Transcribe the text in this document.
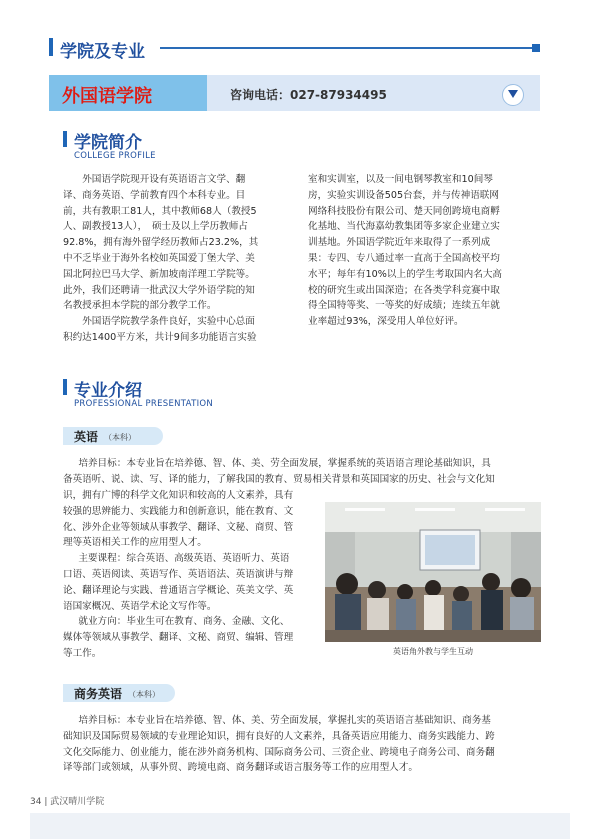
学院及专业
外国语学院	咨询电话：027-87934495
学院简介
COLLEGE PROFILE
外国语学院现开设有英语语言文学、翻
译、商务英语、学前教育四个本科专业。目
前，共有教职工81人，其中教师68人（教授5
人、副教授13人），　硕士及以上学历教师占
92.8%，拥有海外留学经历教师占23.2%，其
中不乏毕业于海外名校如英国爱丁堡大学、美
国北阿拉巴马大学、新加坡南洋理工学院等。
此外，我们还聘请一批武汉大学外语学院的知
名教授承担本学院的部分教学工作。
外国语学院教学条件良好，实验中心总面
积约达1400平方米，共计9间多功能语言实验
室和实训室，以及一间电钢琴教室和10间琴
房，实验实训设备505台套，并与传神语联网
网络科技股份有限公司、楚天同创跨境电商孵
化基地、当代海嘉幼教集团等多家企业建立实
训基地。外国语学院近年来取得了一系列成
果：专四、专八通过率一直高于全国高校平均
水平；每年有10%以上的学生考取国内名大高
校的研究生或出国深造；在各类学科竞赛中取
得全国特等奖、一等奖的好成绩；连续五年就
业率超过93%，深受用人单位好评。
专业介绍
PROFESSIONAL PRESENTATION
英语 （本科）
培养目标：本专业旨在培养德、智、体、美、劳全面发展，掌握系统的英语语言理论基础知识，具
备英语听、说、读、写、译的能力，了解我国的教育、贸易相关背景和英国国家的历史、社会与文化知
识，拥有广博的科学文化知识和较高的人文素养，具有
较强的思辨能力、实践能力和创新意识，能在教育、文
化、涉外企业等领域从事教学、翻译、文秘、商贸、管
理等英语相关工作的应用型人才。
主要课程：综合英语、高级英语、英语听力、英语
口语、英语阅读、英语写作、英语语法、英语演讲与辩
论、翻译理论与实践、普通语言学概论、英美文学、英
语国家概况、英语学术论文写作等。
就业方向：毕业生可在教育、商务、金融、文化、
媒体等领域从事教学、翻译、文秘、商贸、编辑、管理
等工作。	英语角外教与学生互动
商务英语 （本科）
培养目标：本专业旨在培养德、智、体、美、劳全面发展，掌握扎实的英语语言基础知识、商务基
础知识及国际贸易领域的专业理论知识，拥有良好的人文素养，具备英语应用能力、商务实践能力、跨
文化交际能力、创业能力，能在涉外商务机构、国际商务公司、三资企业、跨境电子商务公司、商务翻
译等部门或领域，从事外贸、跨境电商、商务翻译或语言服务等工作的应用型人才。
34 | 武汉晴川学院
